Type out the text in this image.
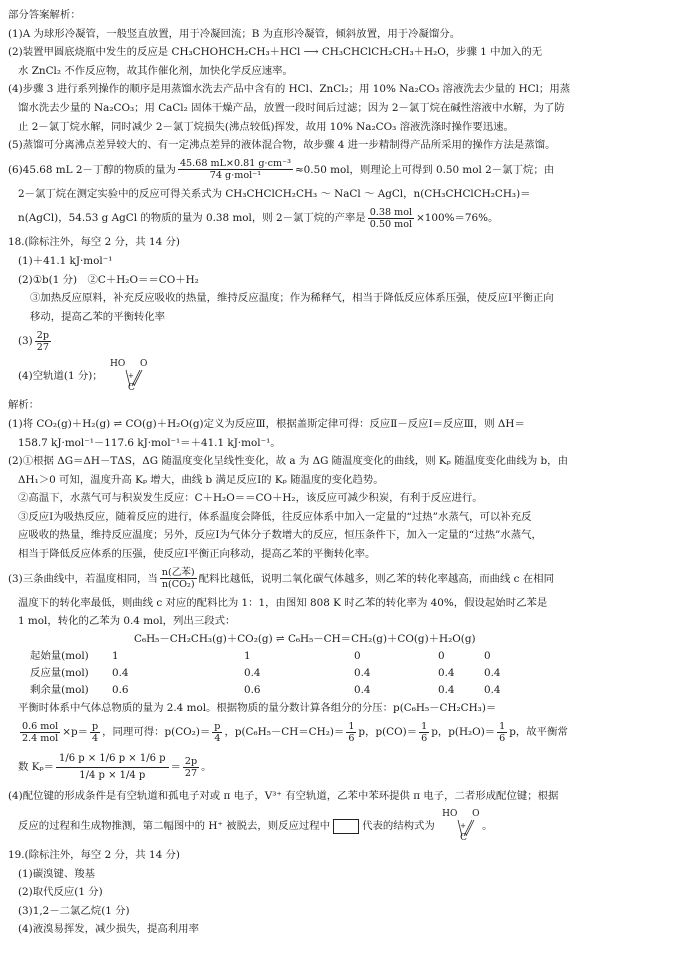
部分答案解析：
(1)A 为球形冷凝管，一般竖直放置，用于冷凝回流；B 为直形冷凝管，倾斜放置，用于冷凝馏分。
(2)装置甲圆底烧瓶中发生的反应是 CH₃CHOHCH₂CH₃＋HCl ⟶ CH₃CHClCH₂CH₃＋H₂O，步骤 1 中加入的无
水 ZnCl₂ 不作反应物，故其作催化剂，加快化学反应速率。
(4)步骤 3 进行系列操作的顺序是用蒸馏水洗去产品中含有的 HCl、ZnCl₂；用 10% Na₂CO₃ 溶液洗去少量的 HCl；用蒸
馏水洗去少量的 Na₂CO₃；用 CaCl₂ 固体干燥产品，放置一段时间后过滤；因为 2－氯丁烷在碱性溶液中水解，为了防
止 2－氯丁烷水解，同时减少 2－氯丁烷损失(沸点较低)挥发，故用 10% Na₂CO₃ 溶液洗涤时操作要迅速。
(5)蒸馏可分离沸点差异较大的、有一定沸点差异的液体混合物，故步骤 4 进一步精制得产品所采用的操作方法是蒸馏。
(6)45.68 mL 2－丁醇的物质的量为 $\frac{\text{45.68 mL×0.81 g·cm⁻³}}{\text{74 g·mol⁻¹}} \approx 0.50$ mol，则理论上可得到 0.50 mol 2－氯丁烷；由
2－氯丁烷在测定实验中的反应可得关系式为 CH₃CHClCH₂CH₃ ～ NaCl ～ AgCl，n(CH₃CHClCH₂CH₃)＝
n(AgCl)，54.53 g AgCl 的物质的量为 0.38 mol，则 2－氯丁烷的产率是 $\frac{\text{0.38 mol}}{\text{0.50 mol}} \times 100\%=76\%$。
18.(除标注外，每空 2 分，共 14 分)
(1)＋41.1 kJ·mol⁻¹
(2)①b(1 分)　②C＋H₂O
＝＝CO＋H₂
③加热反应原料，补充反应吸收的热量，维持反应温度；作为稀释气，相当于降低反应体系压强，使反应Ⅰ平衡正向
移动，提高乙苯的平衡转化率
$(3) \frac{2p}{27}$
(4)空轨道(1 分)；
HO O
+
C
解析：
(1)将 CO₂(g)＋H₂(g) ⇌ CO(g)＋H₂O(g)定义为反应Ⅲ，根据盖斯定律可得：反应Ⅱ－反应Ⅰ＝反应Ⅲ，则 ΔH＝
158.7 kJ·mol⁻¹－117.6 kJ·mol⁻¹＝＋41.1 kJ·mol⁻¹。
(2)①根据 ΔG＝ΔH－TΔS，ΔG 随温度变化呈线性变化，故 a 为 ΔG 随温度变化的曲线，则 Kₚ 随温度变化曲线为 b，由
ΔH₁＞0 可知，温度升高 Kₚ 增大，曲线 b 满足反应Ⅰ的 Kₚ 随温度的变化趋势。
②高温下，水蒸气可与积炭发生反应：C＋H₂O
＝＝CO＋H₂，该反应可减少积炭，有利于反应进行。
③反应Ⅰ为吸热反应，随着反应的进行，体系温度会降低，往反应体系中加入一定量的“过热”水蒸气，可以补充反
应吸收的热量，维持反应温度；另外，反应Ⅰ为气体分子数增大的反应，恒压条件下，加入一定量的“过热”水蒸气，
相当于降低反应体系的压强，使反应Ⅰ平衡正向移动，提高乙苯的平衡转化率。
(3)三条曲线中，若温度相同，当 $\frac{\text{n(乙苯)}}{\text{n(CO₂)}}$ 配料比越低，说明二氧化碳气体越多，则乙苯的转化率越高，而曲线 c 在相同
温度下的转化率最低，则曲线 c 对应的配料比为 1：1，由图知 808 K 时乙苯的转化率为 40%，假设起始时乙苯是
1 mol，转化的乙苯为 0.4 mol，列出三段式：
C₆H₅－CH₂CH₃(g)＋CO₂(g) ⇌ C₆H₅－CH＝CH₂(g)＋CO(g)＋H₂O(g)
起始量(mol)	1	1	0	0	0
反应量(mol)	0.4	0.4	0.4	0.4	0.4
剩余量(mol)	0.6	0.6	0.4	0.4	0.4
平衡时体系中气体总物质的量为 2.4 mol。根据物质的量分数计算各组分的分压：p(C₆H₅－CH₂CH₃)＝
$\frac{\text{0.6 mol}}{\text{2.4 mol}} \times p= \frac{p}{4}$ ，同理可得：$p(CO_2)= \frac{p}{4}$ ，$p(C_6H_5-CH=CH_2)= \frac{1}{6}$ p，$p(CO)= \frac{1}{6}$ p，$p(H_2O)= \frac{1}{6}$ p，故平衡常
数 $K_p= \frac{1/6 p \times 1/6 p \times 1/6 p}{1/4 p \times 1/4 p} = \frac{2p}{27}$ 。
(4)配位键的形成条件是有空轨道和孤电子对或 π 电子，V³⁺ 有空轨道，乙苯中苯环提供 π 电子，二者形成配位键；根据
反应的过程和生成物推测，第二幅图中的 H⁺ 被脱去，则反应过程中	代表的结构式为
HO O
+
C
。
19.(除标注外，每空 2 分，共 14 分)
(1)碳溴键、羧基
(2)取代反应(1 分)
(3)1,2－二氯乙烷(1 分)
(4)液溴易挥发，减少损失，提高利用率
